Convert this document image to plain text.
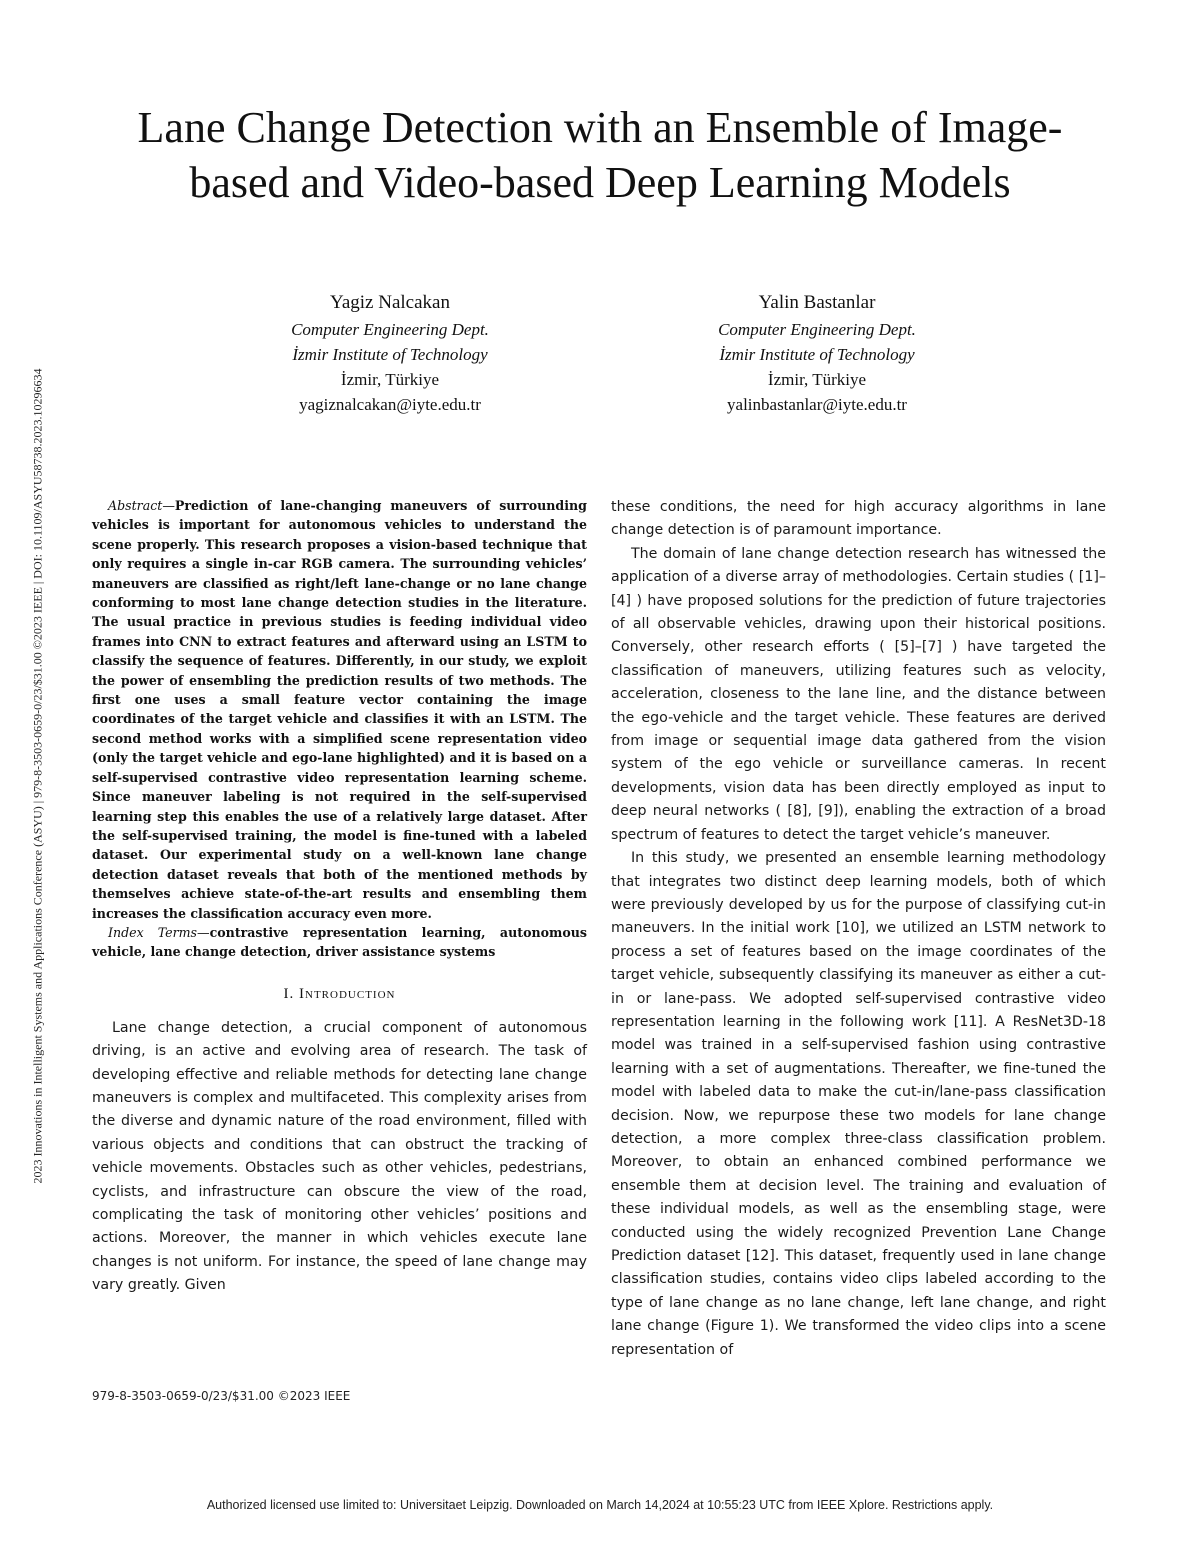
2023 Innovations in Intelligent Systems and Applications Conference (ASYU) | 979-8-3503-0659-0/23/$31.00 ©2023 IEEE | DOI: 10.1109/ASYU58738.2023.10296634
Lane Change Detection with an Ensemble of Image-based and Video-based Deep Learning Models
Yagiz Nalcakan
Computer Engineering Dept.
İzmir Institute of Technology
İzmir, Türkiye
yagiznalcakan@iyte.edu.tr
Yalin Bastanlar
Computer Engineering Dept.
İzmir Institute of Technology
İzmir, Türkiye
yalinbastanlar@iyte.edu.tr

Abstract—Prediction of lane-changing maneuvers of surrounding vehicles is important for autonomous vehicles to understand the scene properly. This research proposes a vision-based technique that only requires a single in-car RGB camera. The surrounding vehicles’ maneuvers are classified as right/left lane-change or no lane change conforming to most lane change detection studies in the literature. The usual practice in previous studies is feeding individual video frames into CNN to extract features and afterward using an LSTM to classify the sequence of features. Differently, in our study, we exploit the power of ensembling the prediction results of two methods. The first one uses a small feature vector containing the image coordinates of the target vehicle and classifies it with an LSTM. The second method works with a simplified scene representation video (only the target vehicle and ego-lane highlighted) and it is based on a self-supervised contrastive video representation learning scheme. Since maneuver labeling is not required in the self-supervised learning step this enables the use of a relatively large dataset. After the self-supervised training, the model is fine-tuned with a labeled dataset. Our experimental study on a well-known lane change detection dataset reveals that both of the mentioned methods by themselves achieve state-of-the-art results and ensembling them increases the classification accuracy even more.

Index Terms—contrastive representation learning, autonomous vehicle, lane change detection, driver assistance systems

I. Introduction

Lane change detection, a crucial component of autonomous driving, is an active and evolving area of research. The task of developing effective and reliable methods for detecting lane change maneuvers is complex and multifaceted. This complexity arises from the diverse and dynamic nature of the road environment, filled with various objects and conditions that can obstruct the tracking of vehicle movements. Obstacles such as other vehicles, pedestrians, cyclists, and infrastructure can obscure the view of the road, complicating the task of monitoring other vehicles’ positions and actions. Moreover, the manner in which vehicles execute lane changes is not uniform. For instance, the speed of lane change may vary greatly. Given

these conditions, the need for high accuracy algorithms in lane change detection is of paramount importance.

The domain of lane change detection research has witnessed the application of a diverse array of methodologies. Certain studies ( [1]–[4] ) have proposed solutions for the prediction of future trajectories of all observable vehicles, drawing upon their historical positions. Conversely, other research efforts ( [5]–[7] ) have targeted the classification of maneuvers, utilizing features such as velocity, acceleration, closeness to the lane line, and the distance between the ego-vehicle and the target vehicle. These features are derived from image or sequential image data gathered from the vision system of the ego vehicle or surveillance cameras. In recent developments, vision data has been directly employed as input to deep neural networks ( [8], [9]), enabling the extraction of a broad spectrum of features to detect the target vehicle’s maneuver.

In this study, we presented an ensemble learning methodology that integrates two distinct deep learning models, both of which were previously developed by us for the purpose of classifying cut-in maneuvers. In the initial work [10], we utilized an LSTM network to process a set of features based on the image coordinates of the target vehicle, subsequently classifying its maneuver as either a cut-in or lane-pass. We adopted self-supervised contrastive video representation learning in the following work [11]. A ResNet3D-18 model was trained in a self-supervised fashion using contrastive learning with a set of augmentations. Thereafter, we fine-tuned the model with labeled data to make the cut-in/lane-pass classification decision. Now, we repurpose these two models for lane change detection, a more complex three-class classification problem. Moreover, to obtain an enhanced combined performance we ensemble them at decision level. The training and evaluation of these individual models, as well as the ensembling stage, were conducted using the widely recognized Prevention Lane Change Prediction dataset [12]. This dataset, frequently used in lane change classification studies, contains video clips labeled according to the type of lane change as no lane change, left lane change, and right lane change (Figure 1). We transformed the video clips into a scene representation of

979-8-3503-0659-0/23/$31.00 ©2023 IEEE
Authorized licensed use limited to: Universitaet Leipzig. Downloaded on March 14,2024 at 10:55:23 UTC from IEEE Xplore. Restrictions apply.
